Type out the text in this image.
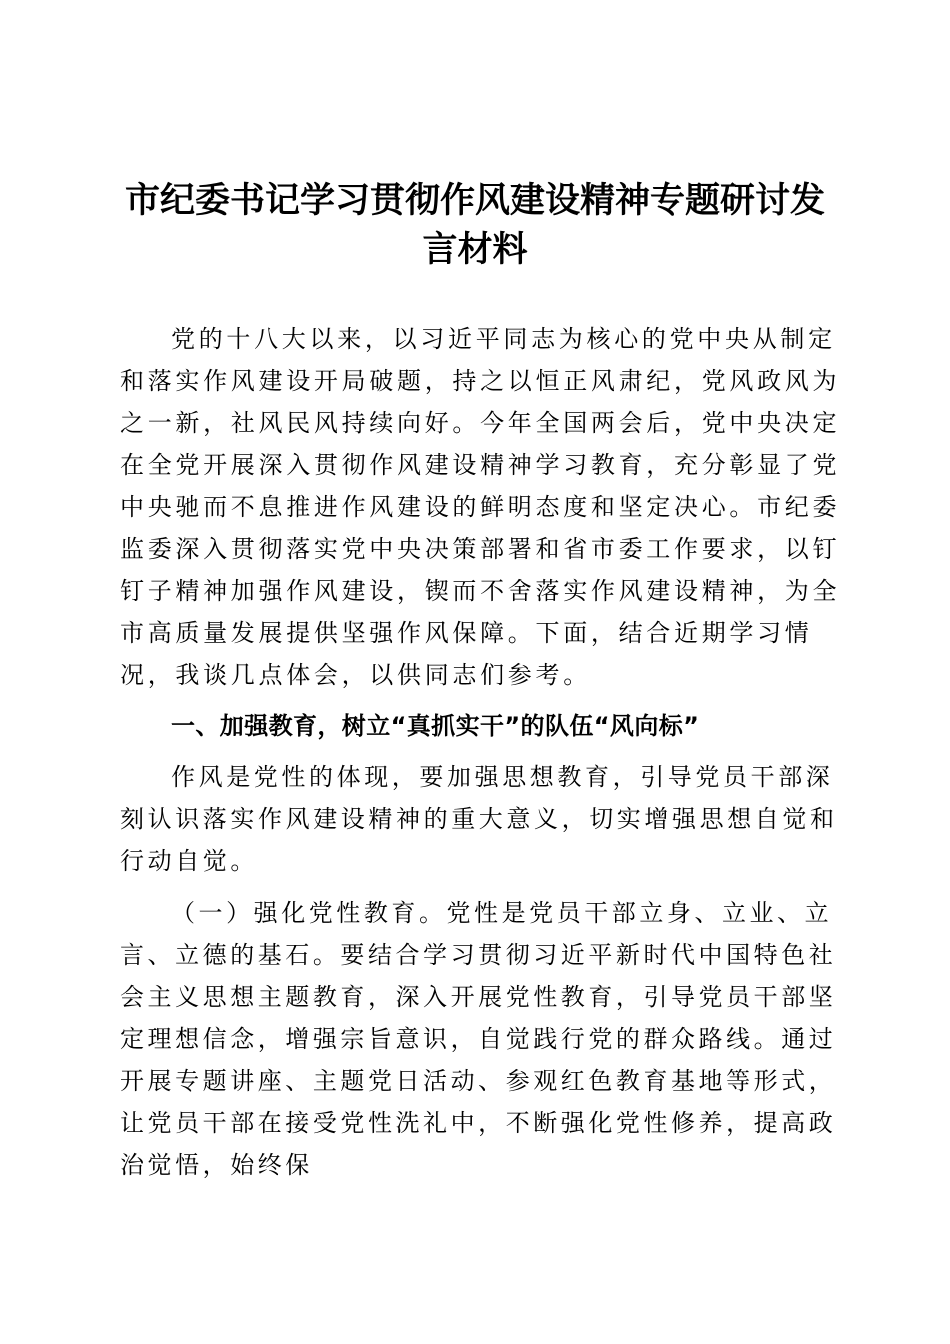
市纪委书记学习贯彻作风建设精神专题研讨发
言材料

党的十八大以来，以习近平同志为核心的党中央从制定和落实作风建设开局破题，持之以恒正风肃纪，党风政风为之一新，社风民风持续向好。今年全国两会后，党中央决定在全党开展深入贯彻作风建设精神学习教育，充分彰显了党中央驰而不息推进作风建设的鲜明态度和坚定决心。市纪委监委深入贯彻落实党中央决策部署和省市委工作要求，以钉钉子精神加强作风建设，锲而不舍落实作风建设精神，为全市高质量发展提供坚强作风保障。下面，结合近期学习情况，我谈几点体会，以供同志们参考。

一、加强教育，树立“真抓实干”的队伍“风向标”

作风是党性的体现，要加强思想教育，引导党员干部深刻认识落实作风建设精神的重大意义，切实增强思想自觉和行动自觉。

（一）强化党性教育。党性是党员干部立身、立业、立言、立德的基石。要结合学习贯彻习近平新时代中国特色社会主义思想主题教育，深入开展党性教育，引导党员干部坚定理想信念，增强宗旨意识，自觉践行党的群众路线。通过开展专题讲座、主题党日活动、参观红色教育基地等形式，让党员干部在接受党性洗礼中，不断强化党性修养，提高政治觉悟，始终保
